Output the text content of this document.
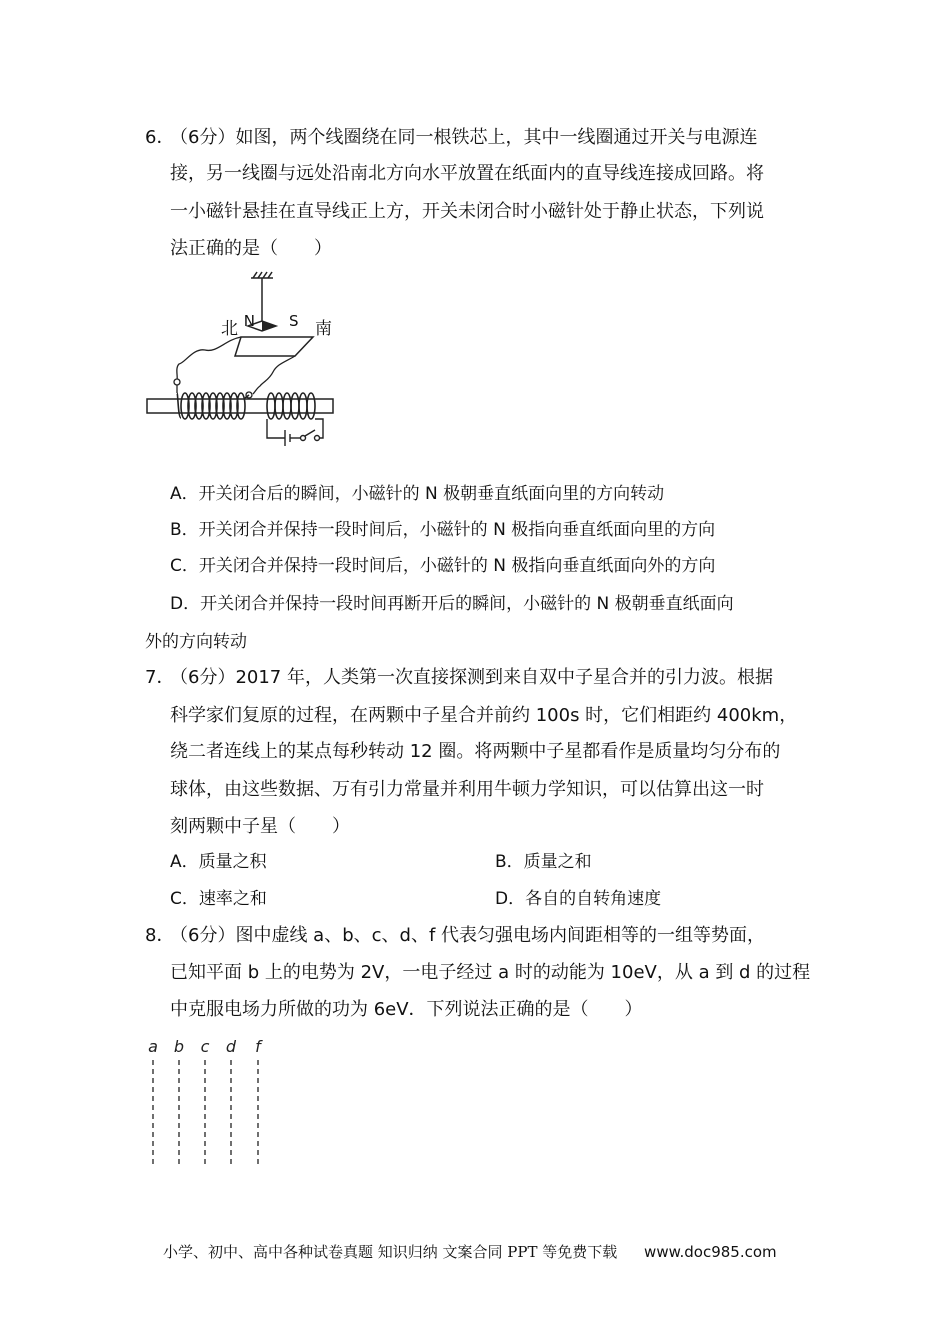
6．
（6分）如图，两个线圈绕在同一根铁芯上，其中一线圈通过开关与电源连
接，另一线圈与远处沿南北方向水平放置在纸面内的直导线连接成回路。将
一小磁针悬挂在直导线正上方，开关未闭合时小磁针处于静止状态，下列说
法正确的是（　　）
N S
北	南
A．开关闭合后的瞬间，小磁针的 N 极朝垂直纸面向里的方向转动
B．开关闭合并保持一段时间后，小磁针的 N 极指向垂直纸面向里的方向
C．开关闭合并保持一段时间后，小磁针的 N 极指向垂直纸面向外的方向
D．开关闭合并保持一段时间再断开后的瞬间，小磁针的 N 极朝垂直纸面向
外的方向转动
7．
（6分）2017 年，人类第一次直接探测到来自双中子星合并的引力波。根据
科学家们复原的过程，在两颗中子星合并前约 100s 时，它们相距约 400km，
绕二者连线上的某点每秒转动 12 圈。将两颗中子星都看作是质量均匀分布的
球体，由这些数据、万有引力常量并利用牛顿力学知识，可以估算出这一时
刻两颗中子星（　　）
A．质量之积	B．质量之和
C．速率之和	D．各自的自转角速度
8．
（6分）图中虚线 a、b、c、d、f 代表匀强电场内间距相等的一组等势面，
已知平面 b 上的电势为 2V，一电子经过 a 时的动能为 10eV，从 a 到 d 的过程
中克服电场力所做的功为 6eV．下列说法正确的是（　　）
a b c d f
小学、初中、高中各种试卷真题 知识归纳 文案合同 PPT 等免费下载 www.doc985.com
